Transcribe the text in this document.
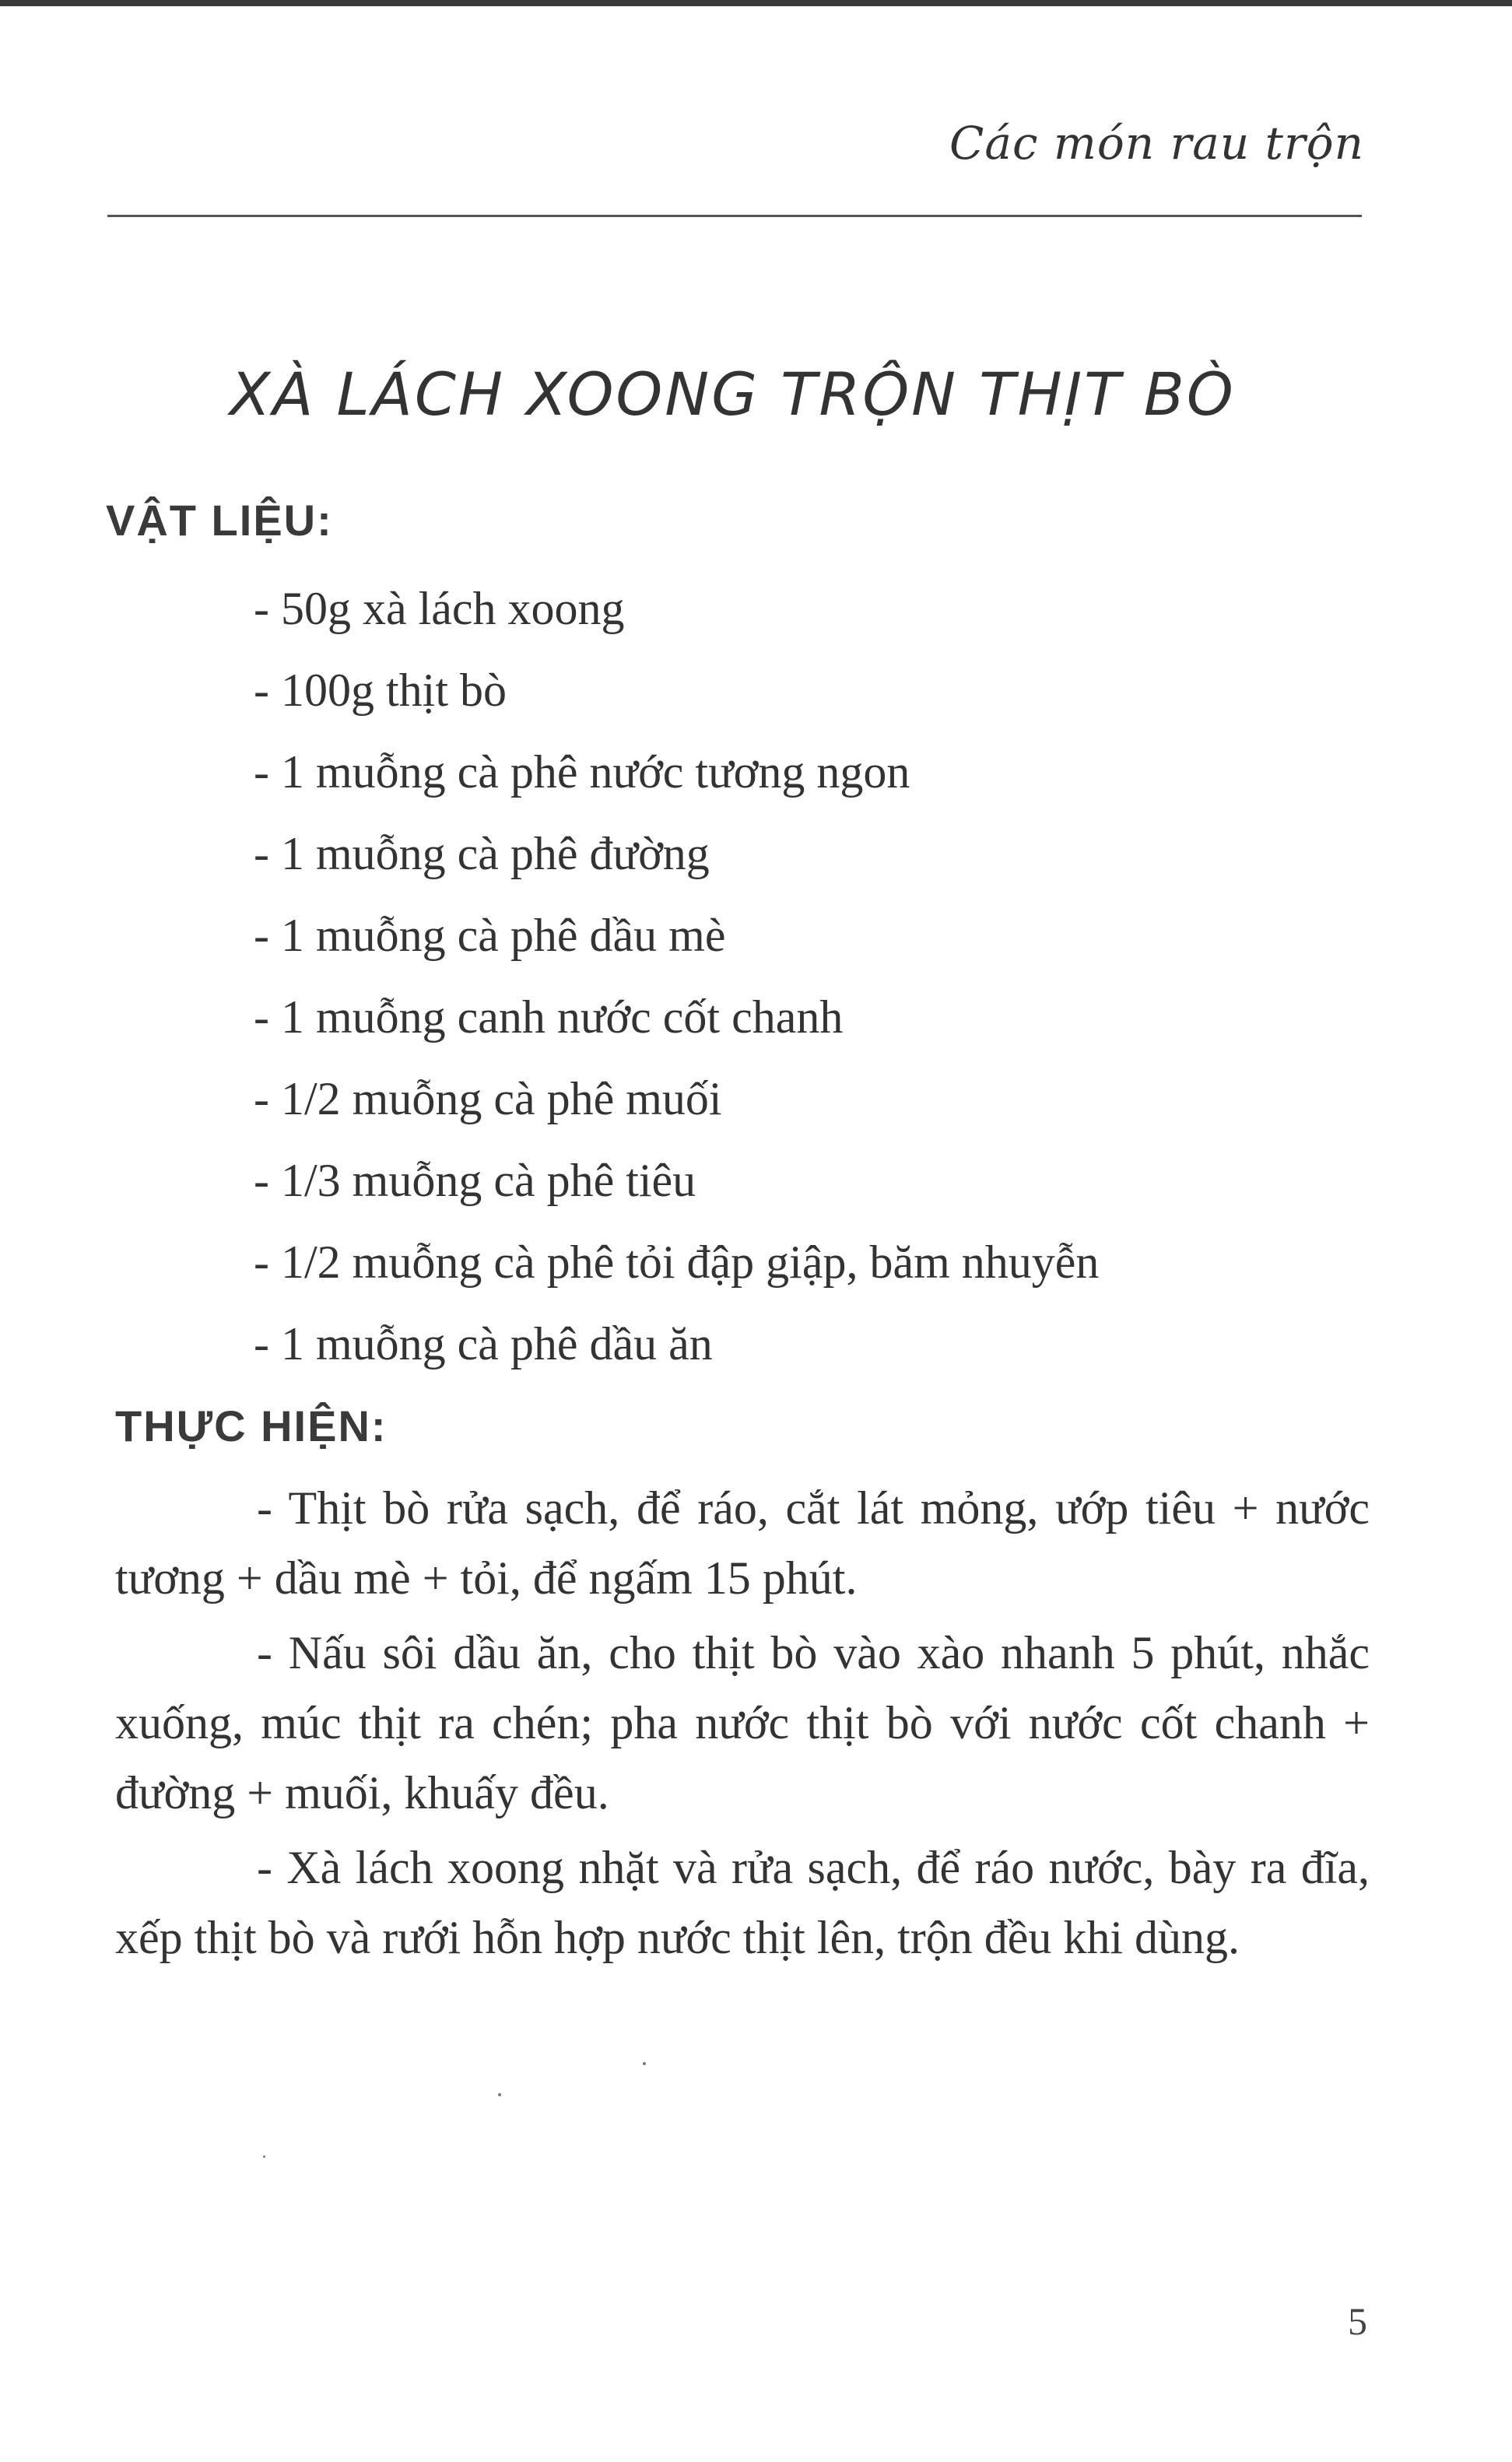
Các món rau trộn
XÀ LÁCH XOONG TRỘN THỊT BÒ
VẬT LIỆU:
- 50g xà lách xoong
- 100g thịt bò
- 1 muỗng cà phê nước tương ngon
- 1 muỗng cà phê đường
- 1 muỗng cà phê dầu mè
- 1 muỗng canh nước cốt chanh
- 1/2 muỗng cà phê muối
- 1/3 muỗng cà phê tiêu
- 1/2 muỗng cà phê tỏi đập giập, băm nhuyễn
- 1 muỗng cà phê dầu ăn
THỰC HIỆN:

- Thịt bò rửa sạch, để ráo, cắt lát mỏng, ướp tiêu + nước tương + dầu mè + tỏi, để ngấm 15 phút.

- Nấu sôi dầu ăn, cho thịt bò vào xào nhanh 5 phút, nhắc xuống, múc thịt ra chén; pha nước thịt bò với nước cốt chanh + đường + muối, khuấy đều.

- Xà lách xoong nhặt và rửa sạch, để ráo nước, bày ra đĩa, xếp thịt bò và rưới hỗn hợp nước thịt lên, trộn đều khi dùng.

5
